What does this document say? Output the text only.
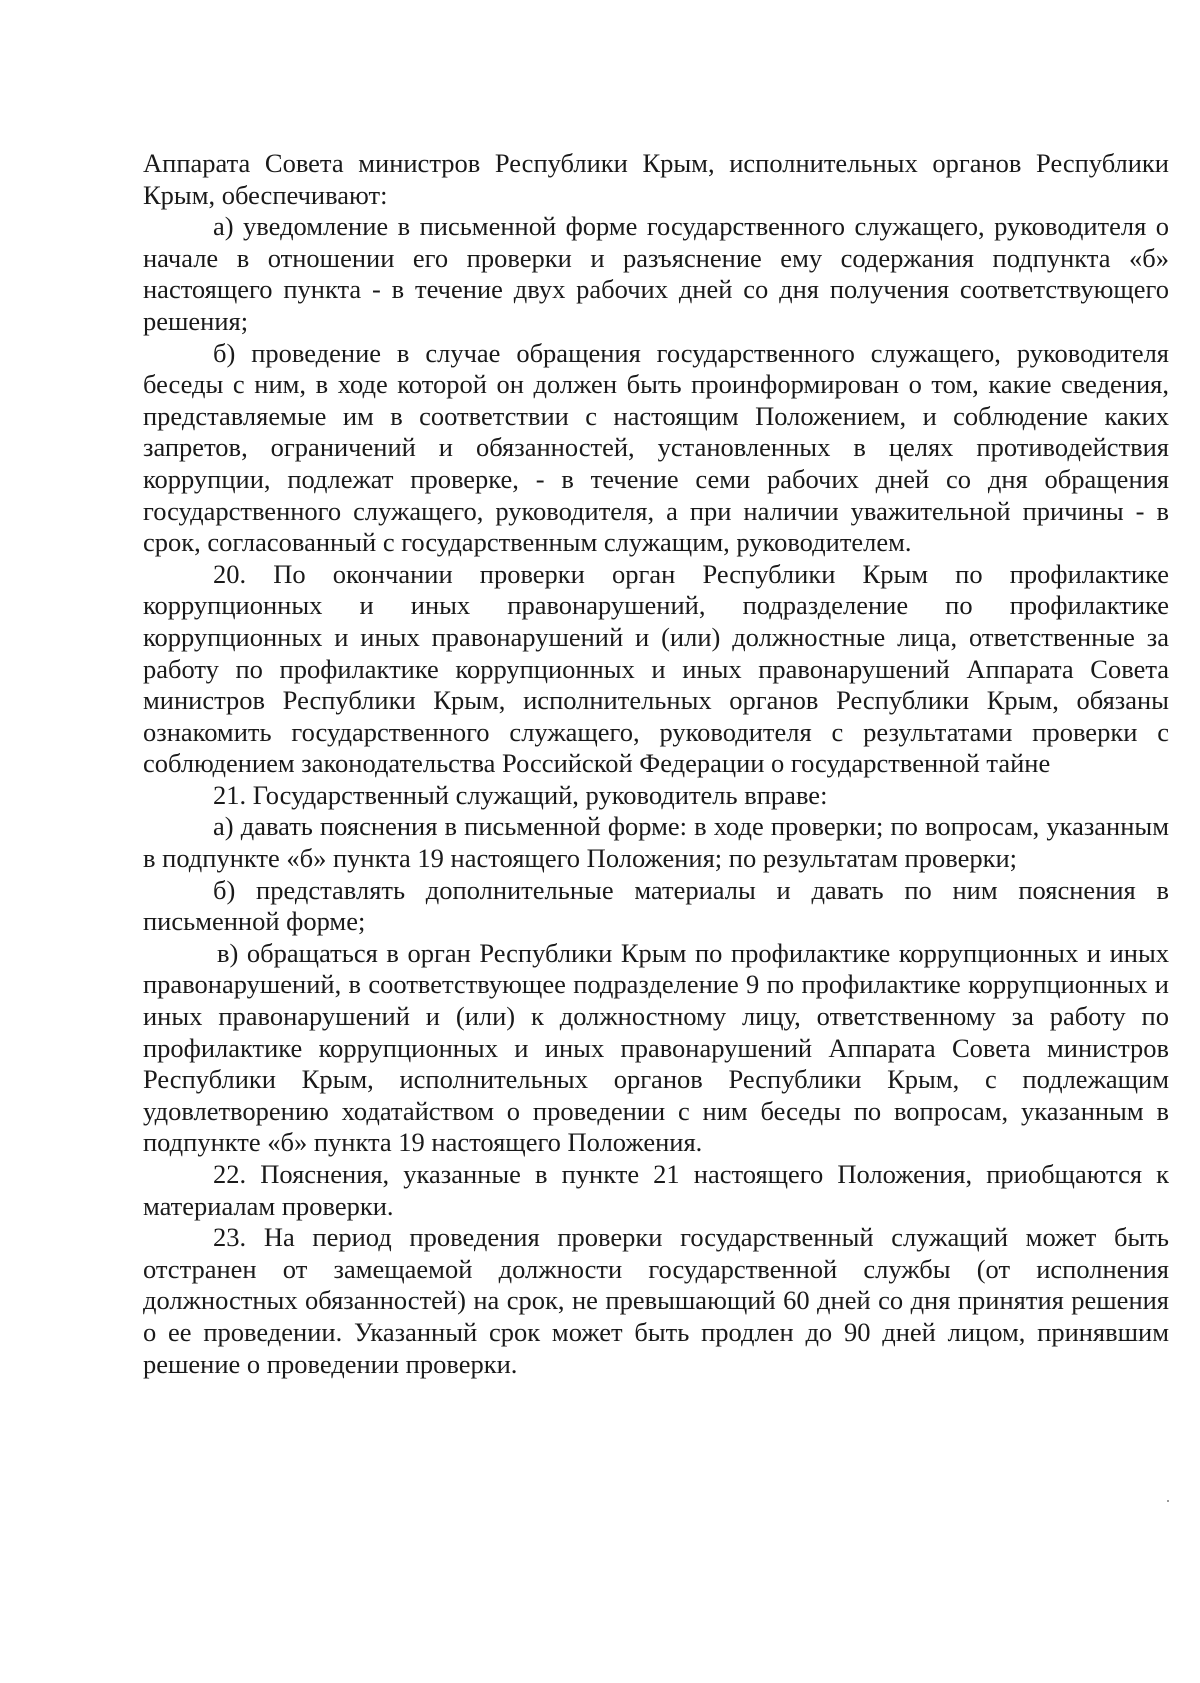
Аппарата Совета министров Республики Крым, исполнительных органов Республики Крым, обеспечивают:

а) уведомление в письменной форме государственного служащего, руководителя о начале в отношении его проверки и разъяснение ему содержания подпункта «б» настоящего пункта - в течение двух рабочих дней со дня получения соответствующего решения;

б) проведение в случае обращения государственного служащего, руководителя беседы с ним, в ходе которой он должен быть проинформирован о том, какие сведения, представляемые им в соответствии с настоящим Положением, и соблюдение каких запретов, ограничений и обязанностей, установленных в целях противодействия коррупции, подлежат проверке, - в течение семи рабочих дней со дня обращения государственного служащего, руководителя, а при наличии уважительной причины - в срок, согласованный с государственным служащим, руководителем.

20. По окончании проверки орган Республики Крым по профилактике коррупционных и иных правонарушений, подразделение по профилактике коррупционных и иных правонарушений и (или) должностные лица, ответственные за работу по профилактике коррупционных и иных правонарушений Аппарата Совета министров Республики Крым, исполнительных органов Республики Крым, обязаны ознакомить государственного служащего, руководителя с результатами проверки с соблюдением законодательства Российской Федерации о государственной тайне

21. Государственный служащий, руководитель вправе:

а) давать пояснения в письменной форме: в ходе проверки; по вопросам, указанным в подпункте «б» пункта 19 настоящего Положения; по результатам проверки;

б) представлять дополнительные материалы и давать по ним пояснения в письменной форме;

в) обращаться в орган Республики Крым по профилактике коррупционных и иных правонарушений, в соответствующее подразделение 9 по профилактике коррупционных и иных правонарушений и (или) к должностному лицу, ответственному за работу по профилактике коррупционных и иных правонарушений Аппарата Совета министров Республики Крым, исполнительных органов Республики Крым, с подлежащим удовлетворению ходатайством о проведении с ним беседы по вопросам, указанным в подпункте «б» пункта 19 настоящего Положения.

22. Пояснения, указанные в пункте 21 настоящего Положения, приобщаются к материалам проверки.

23. На период проведения проверки государственный служащий может быть отстранен от замещаемой должности государственной службы (от исполнения должностных обязанностей) на срок, не превышающий 60 дней со дня принятия решения о ее проведении. Указанный срок может быть продлен до 90 дней лицом, принявшим решение о проведении проверки.
